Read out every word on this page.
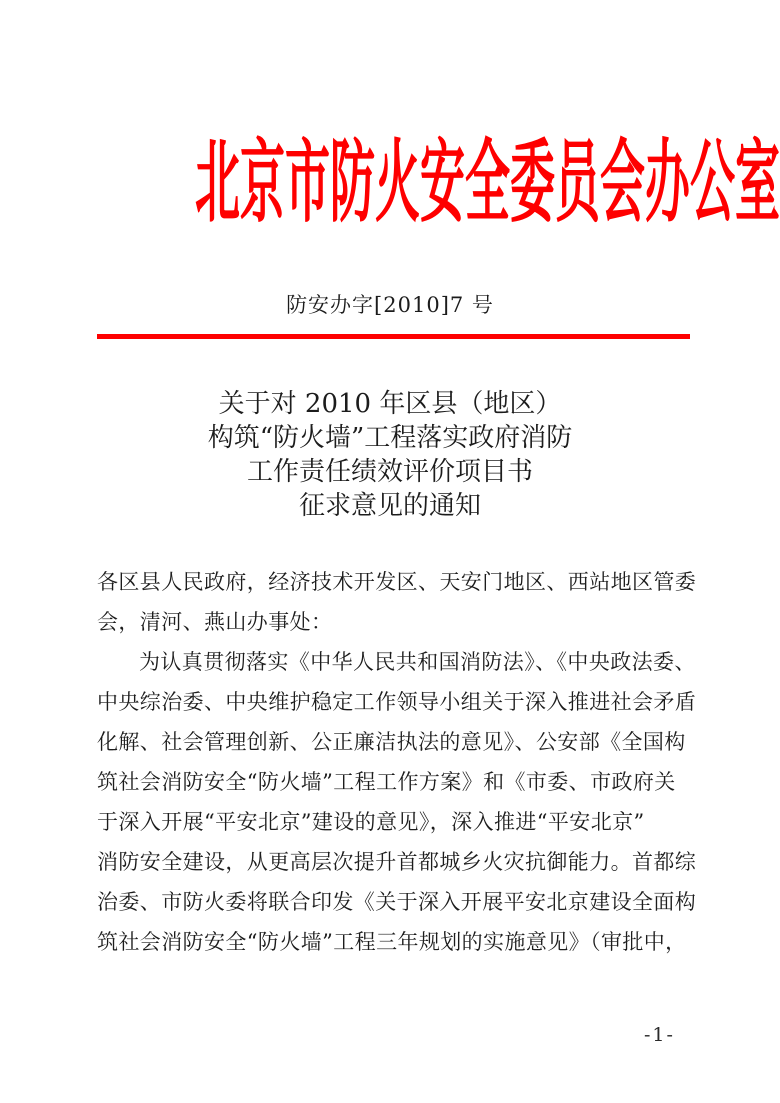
北京市防火安全委员会办公室
防安办字[2010]7 号
关于对 2010 年区县（地区）
构筑“防火墙”工程落实政府消防
工作责任绩效评价项目书
征求意见的通知
各区县人民政府，经济技术开发区、天安门地区、西站地区管委
会，清河、燕山办事处：
为认真贯彻落实《中华人民共和国消防法》、《中央政法委、
中央综治委、中央维护稳定工作领导小组关于深入推进社会矛盾
化解、社会管理创新、公正廉洁执法的意见》、公安部《全国构
筑社会消防安全“防火墙”工程工作方案》和《市委、市政府关
于深入开展“平安北京”建设的意见》，深入推进“平安北京”
消防安全建设，从更高层次提升首都城乡火灾抗御能力。首都综
治委、市防火委将联合印发《关于深入开展平安北京建设全面构
筑社会消防安全“防火墙”工程三年规划的实施意见》（审批中，
-1-
